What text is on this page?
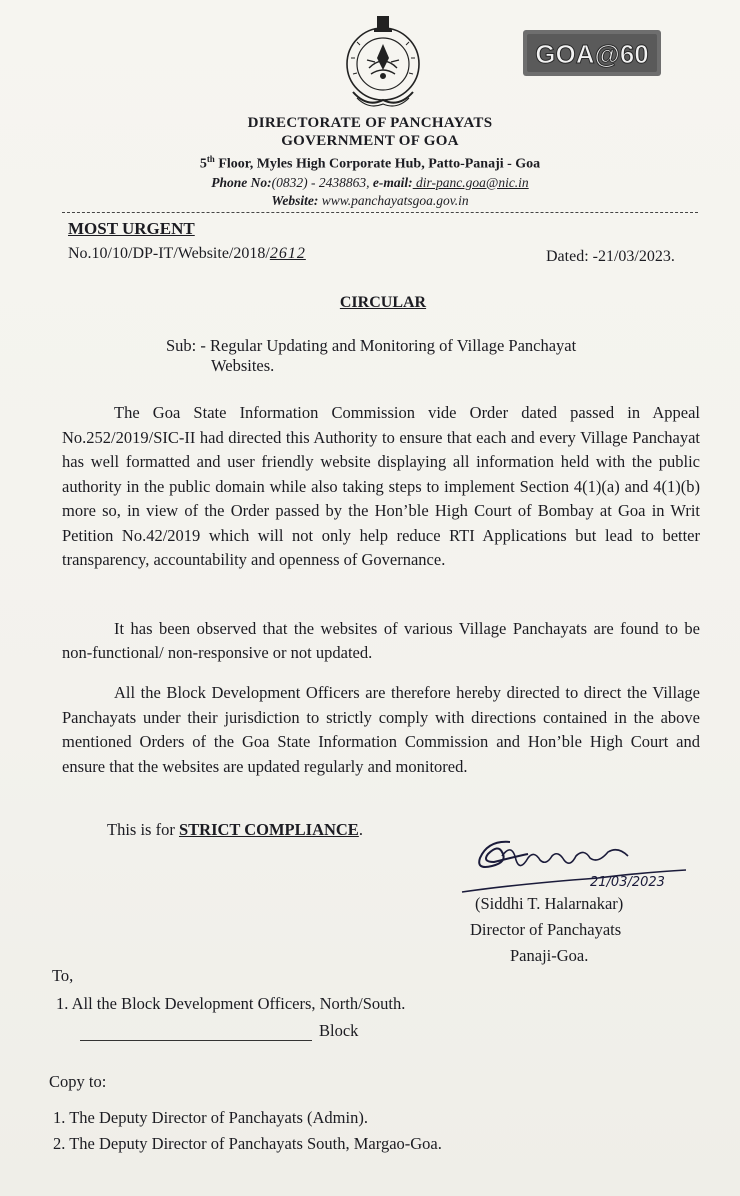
GOA@60
DIRECTORATE OF PANCHAYATS
GOVERNMENT OF GOA
5th Floor, Myles High Corporate Hub, Patto-Panaji - Goa
Phone No:(0832) - 2438863, e-mail: dir-panc.goa@nic.in
Website: www.panchayatsgoa.gov.in
MOST URGENT
No.10/10/DP-IT/Website/2018/2612	Dated: -21/03/2023.
CIRCULAR
Sub: - Regular Updating and Monitoring of Village Panchayat
Websites.
The Goa State Information Commission vide Order dated passed in Appeal No.252/2019/SIC-II had directed this Authority to ensure that each and every Village Panchayat has well formatted and user friendly website displaying all information held with the public authority in the public domain while also taking steps to implement Section 4(1)(a) and 4(1)(b) more so, in view of the Order passed by the Hon’ble High Court of Bombay at Goa in Writ Petition No.42/2019 which will not only help reduce RTI Applications but lead to better transparency, accountability and openness of Governance.
It has been observed that the websites of various Village Panchayats are found to be non-functional/ non-responsive or not updated.
All the Block Development Officers are therefore hereby directed to direct the Village Panchayats under their jurisdiction to strictly comply with directions contained in the above mentioned Orders of the Goa State Information Commission and Hon’ble High Court and ensure that the websites are updated regularly and monitored.
This is for STRICT COMPLIANCE.
21/03/2023
(Siddhi T. Halarnakar)
Director of Panchayats
Panaji-Goa.
To,
1. All the Block Development Officers, North/South.
Block
Copy to:
1. The Deputy Director of Panchayats (Admin).
2. The Deputy Director of Panchayats South, Margao-Goa.
